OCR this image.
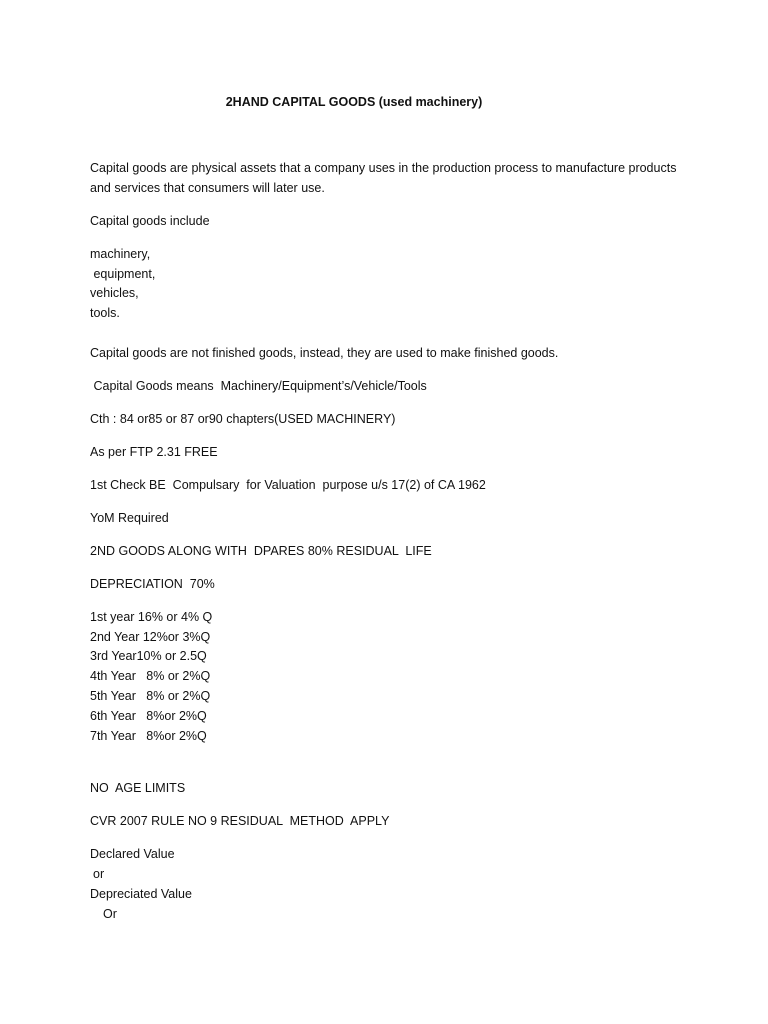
2HAND CAPITAL GOODS (used machinery)

Capital goods are physical assets that a company uses in the production process to manufacture products and services that consumers will later use.

Capital goods include

machinery,

equipment,

vehicles,

tools.

Capital goods are not finished goods, instead, they are used to make finished goods.

Capital Goods means  Machinery/Equipment’s/Vehicle/Tools

Cth : 84 or85 or 87 or90 chapters(USED MACHINERY)

As per FTP 2.31 FREE

1st Check BE  Compulsary  for Valuation  purpose u/s 17(2) of CA 1962

YoM Required

2ND GOODS ALONG WITH  DPARES 80% RESIDUAL  LIFE

DEPRECIATION  70%

1st year 16% or 4% Q

2nd Year 12%or 3%Q

3rd Year10% or 2.5Q

4th Year   8% or 2%Q

5th Year   8% or 2%Q

6th Year   8%or 2%Q

7th Year   8%or 2%Q

NO  AGE LIMITS

CVR 2007 RULE NO 9 RESIDUAL  METHOD  APPLY

Declared Value

or

Depreciated Value

Or
